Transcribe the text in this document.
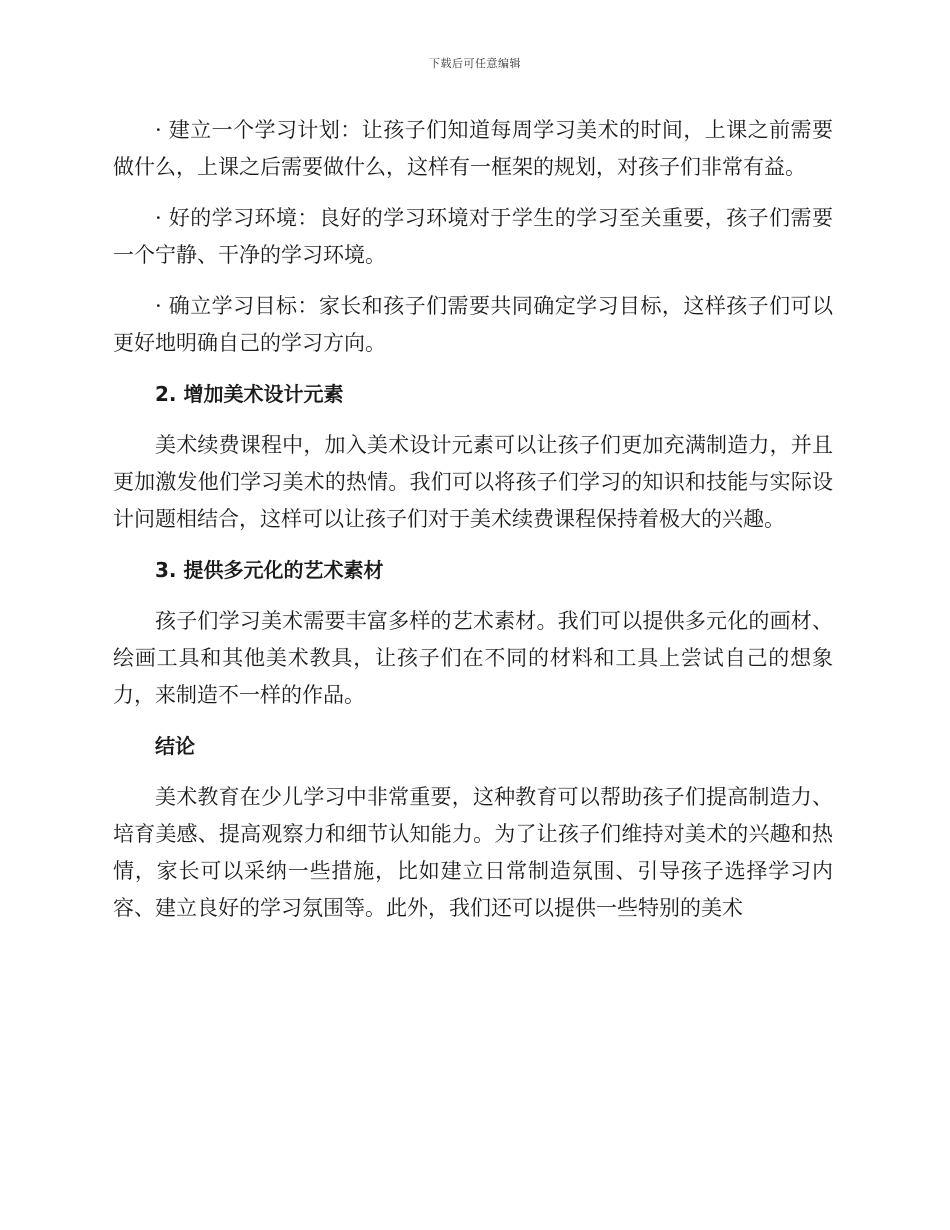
下载后可任意编辑

· 建立一个学习计划：让孩子们知道每周学习美术的时间，上课之前需要做什么，上课之后需要做什么，这样有一框架的规划，对孩子们非常有益。

· 好的学习环境：良好的学习环境对于学生的学习至关重要，孩子们需要一个宁静、干净的学习环境。

· 确立学习目标：家长和孩子们需要共同确定学习目标，这样孩子们可以更好地明确自己的学习方向。

2. 增加美术设计元素

美术续费课程中，加入美术设计元素可以让孩子们更加充满制造力，并且更加激发他们学习美术的热情。我们可以将孩子们学习的知识和技能与实际设计问题相结合，这样可以让孩子们对于美术续费课程保持着极大的兴趣。

3. 提供多元化的艺术素材

孩子们学习美术需要丰富多样的艺术素材。我们可以提供多元化的画材、绘画工具和其他美术教具，让孩子们在不同的材料和工具上尝试自己的想象力，来制造不一样的作品。

结论

美术教育在少儿学习中非常重要，这种教育可以帮助孩子们提高制造力、培育美感、提高观察力和细节认知能力。为了让孩子们维持对美术的兴趣和热情，家长可以采纳一些措施，比如建立日常制造氛围、引导孩子选择学习内容、建立良好的学习氛围等。此外，我们还可以提供一些特别的美术
